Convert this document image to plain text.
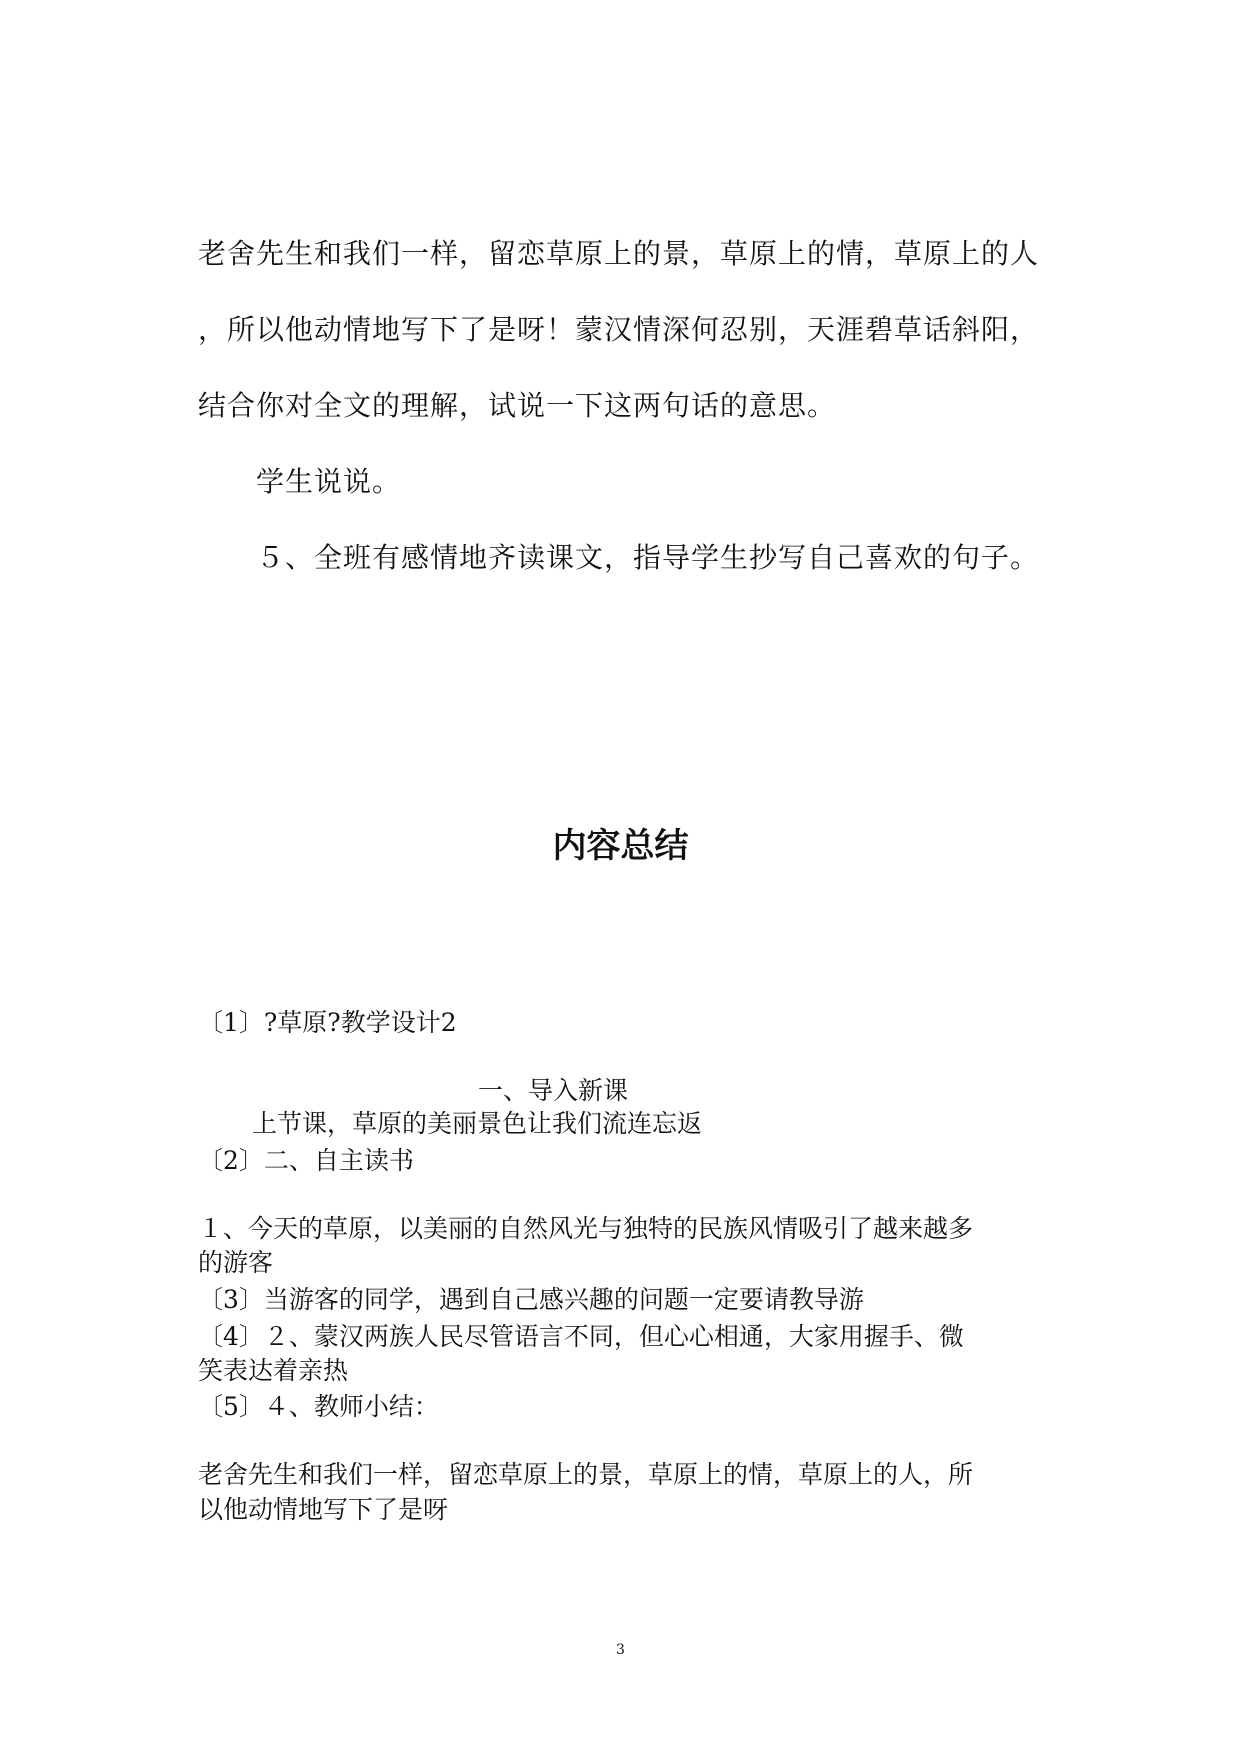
老舍先生和我们一样，留恋草原上的景，草原上的情，草原上的人
，所以他动情地写下了是呀！蒙汉情深何忍别，天涯碧草话斜阳，
结合你对全文的理解，试说一下这两句话的意思。
学生说说。
５、全班有感情地齐读课文，指导学生抄写自己喜欢的句子。
内容总结
〔1〕?草原?教学设计2
一、导入新课
上节课，草原的美丽景色让我们流连忘返
〔2〕二、自主读书
１、今天的草原，以美丽的自然风光与独特的民族风情吸引了越来越多
的游客
〔3〕当游客的同学，遇到自己感兴趣的问题一定要请教导游
〔4〕２、蒙汉两族人民尽管语言不同，但心心相通，大家用握手、微
笑表达着亲热
〔5〕４、教师小结：
老舍先生和我们一样，留恋草原上的景，草原上的情，草原上的人，所
以他动情地写下了是呀
3
